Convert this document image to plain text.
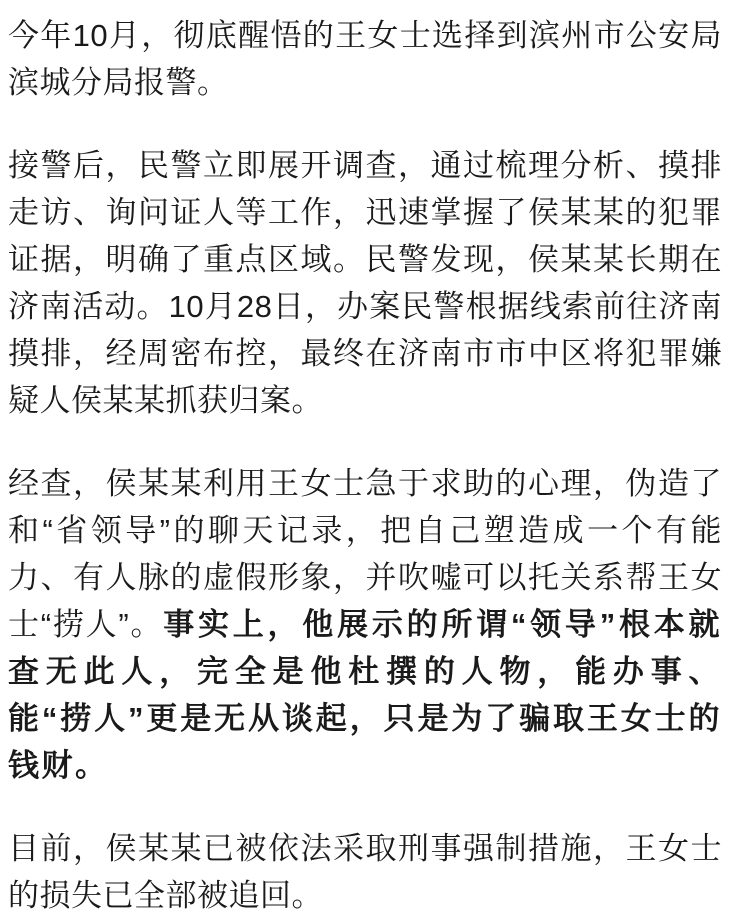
今年10月，彻底醒悟的王女士选择到滨州市公安局滨城分局报警。

接警后，民警立即展开调查，通过梳理分析、摸排走访、询问证人等工作，迅速掌握了侯某某的犯罪证据，明确了重点区域。民警发现，侯某某长期在济南活动。10月28日，办案民警根据线索前往济南摸排，经周密布控，最终在济南市市中区将犯罪嫌疑人侯某某抓获归案。

经查，侯某某利用王女士急于求助的心理，伪造了和“省领导”的聊天记录，把自己塑造成一个有能力、有人脉的虚假形象，并吹嘘可以托关系帮王女士“捞人”。事实上，他展示的所谓“领导”根本就查无此人，完全是他杜撰的人物，能办事、能“捞人”更是无从谈起，只是为了骗取王女士的钱财。

目前，侯某某已被依法采取刑事强制措施，王女士的损失已全部被追回。
